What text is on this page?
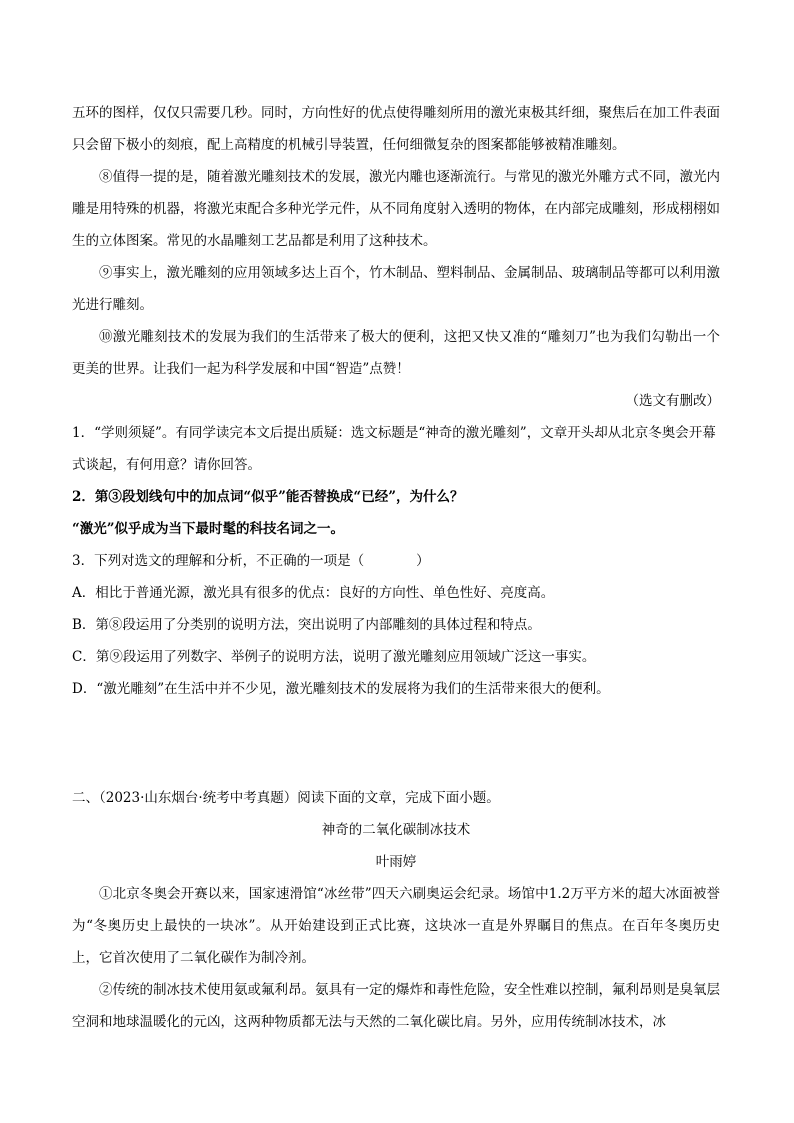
五环的图样，仅仅只需要几秒。同时，方向性好的优点使得雕刻所用的激光束极其纤细，聚焦后在加工件表面只会留下极小的刻痕，配上高精度的机械引导装置，任何细微复杂的图案都能够被精准雕刻。
⑧值得一提的是，随着激光雕刻技术的发展，激光内雕也逐渐流行。与常见的激光外雕方式不同，激光内雕是用特殊的机器，将激光束配合多种光学元件，从不同角度射入透明的物体，在内部完成雕刻，形成栩栩如生的立体图案。常见的水晶雕刻工艺品都是利用了这种技术。
⑨事实上，激光雕刻的应用领域多达上百个，竹木制品、塑料制品、金属制品、玻璃制品等都可以利用激光进行雕刻。
⑩激光雕刻技术的发展为我们的生活带来了极大的便利，这把又快又准的“雕刻刀”也为我们勾勒出一个更美的世界。让我们一起为科学发展和中国“智造”点赞！
（选文有删改）
1．“学则须疑”。有同学读完本文后提出质疑：选文标题是“神奇的激光雕刻”，文章开头却从北京冬奥会开幕式谈起，有何用意？请你回答。
2．第③段划线句中的加点词“似乎”能否替换成“已经”，为什么？
“激光”似乎成为当下最时髦的科技名词之一。
3．下列对选文的理解和分析，不正确的一项是（	）
A．相比于普通光源，激光具有很多的优点：良好的方向性、单色性好、亮度高。
B．第⑧段运用了分类别的说明方法，突出说明了内部雕刻的具体过程和特点。
C．第⑨段运用了列数字、举例子的说明方法，说明了激光雕刻应用领域广泛这一事实。
D．“激光雕刻”在生活中并不少见，激光雕刻技术的发展将为我们的生活带来很大的便利。
二、（2023·山东烟台·统考中考真题）阅读下面的文章，完成下面小题。
神奇的二氧化碳制冰技术
叶雨婷
①北京冬奥会开赛以来，国家速滑馆“冰丝带”四天六刷奥运会纪录。场馆中1.2万平方米的超大冰面被誉为“冬奥历史上最快的一块冰”。从开始建设到正式比赛，这块冰一直是外界瞩目的焦点。在百年冬奥历史上，它首次使用了二氧化碳作为制冷剂。
②传统的制冰技术使用氨或氟利昂。氨具有一定的爆炸和毒性危险，安全性难以控制，氟利昂则是臭氧层空洞和地球温暖化的元凶，这两种物质都无法与天然的二氧化碳比肩。另外，应用传统制冰技术，冰
